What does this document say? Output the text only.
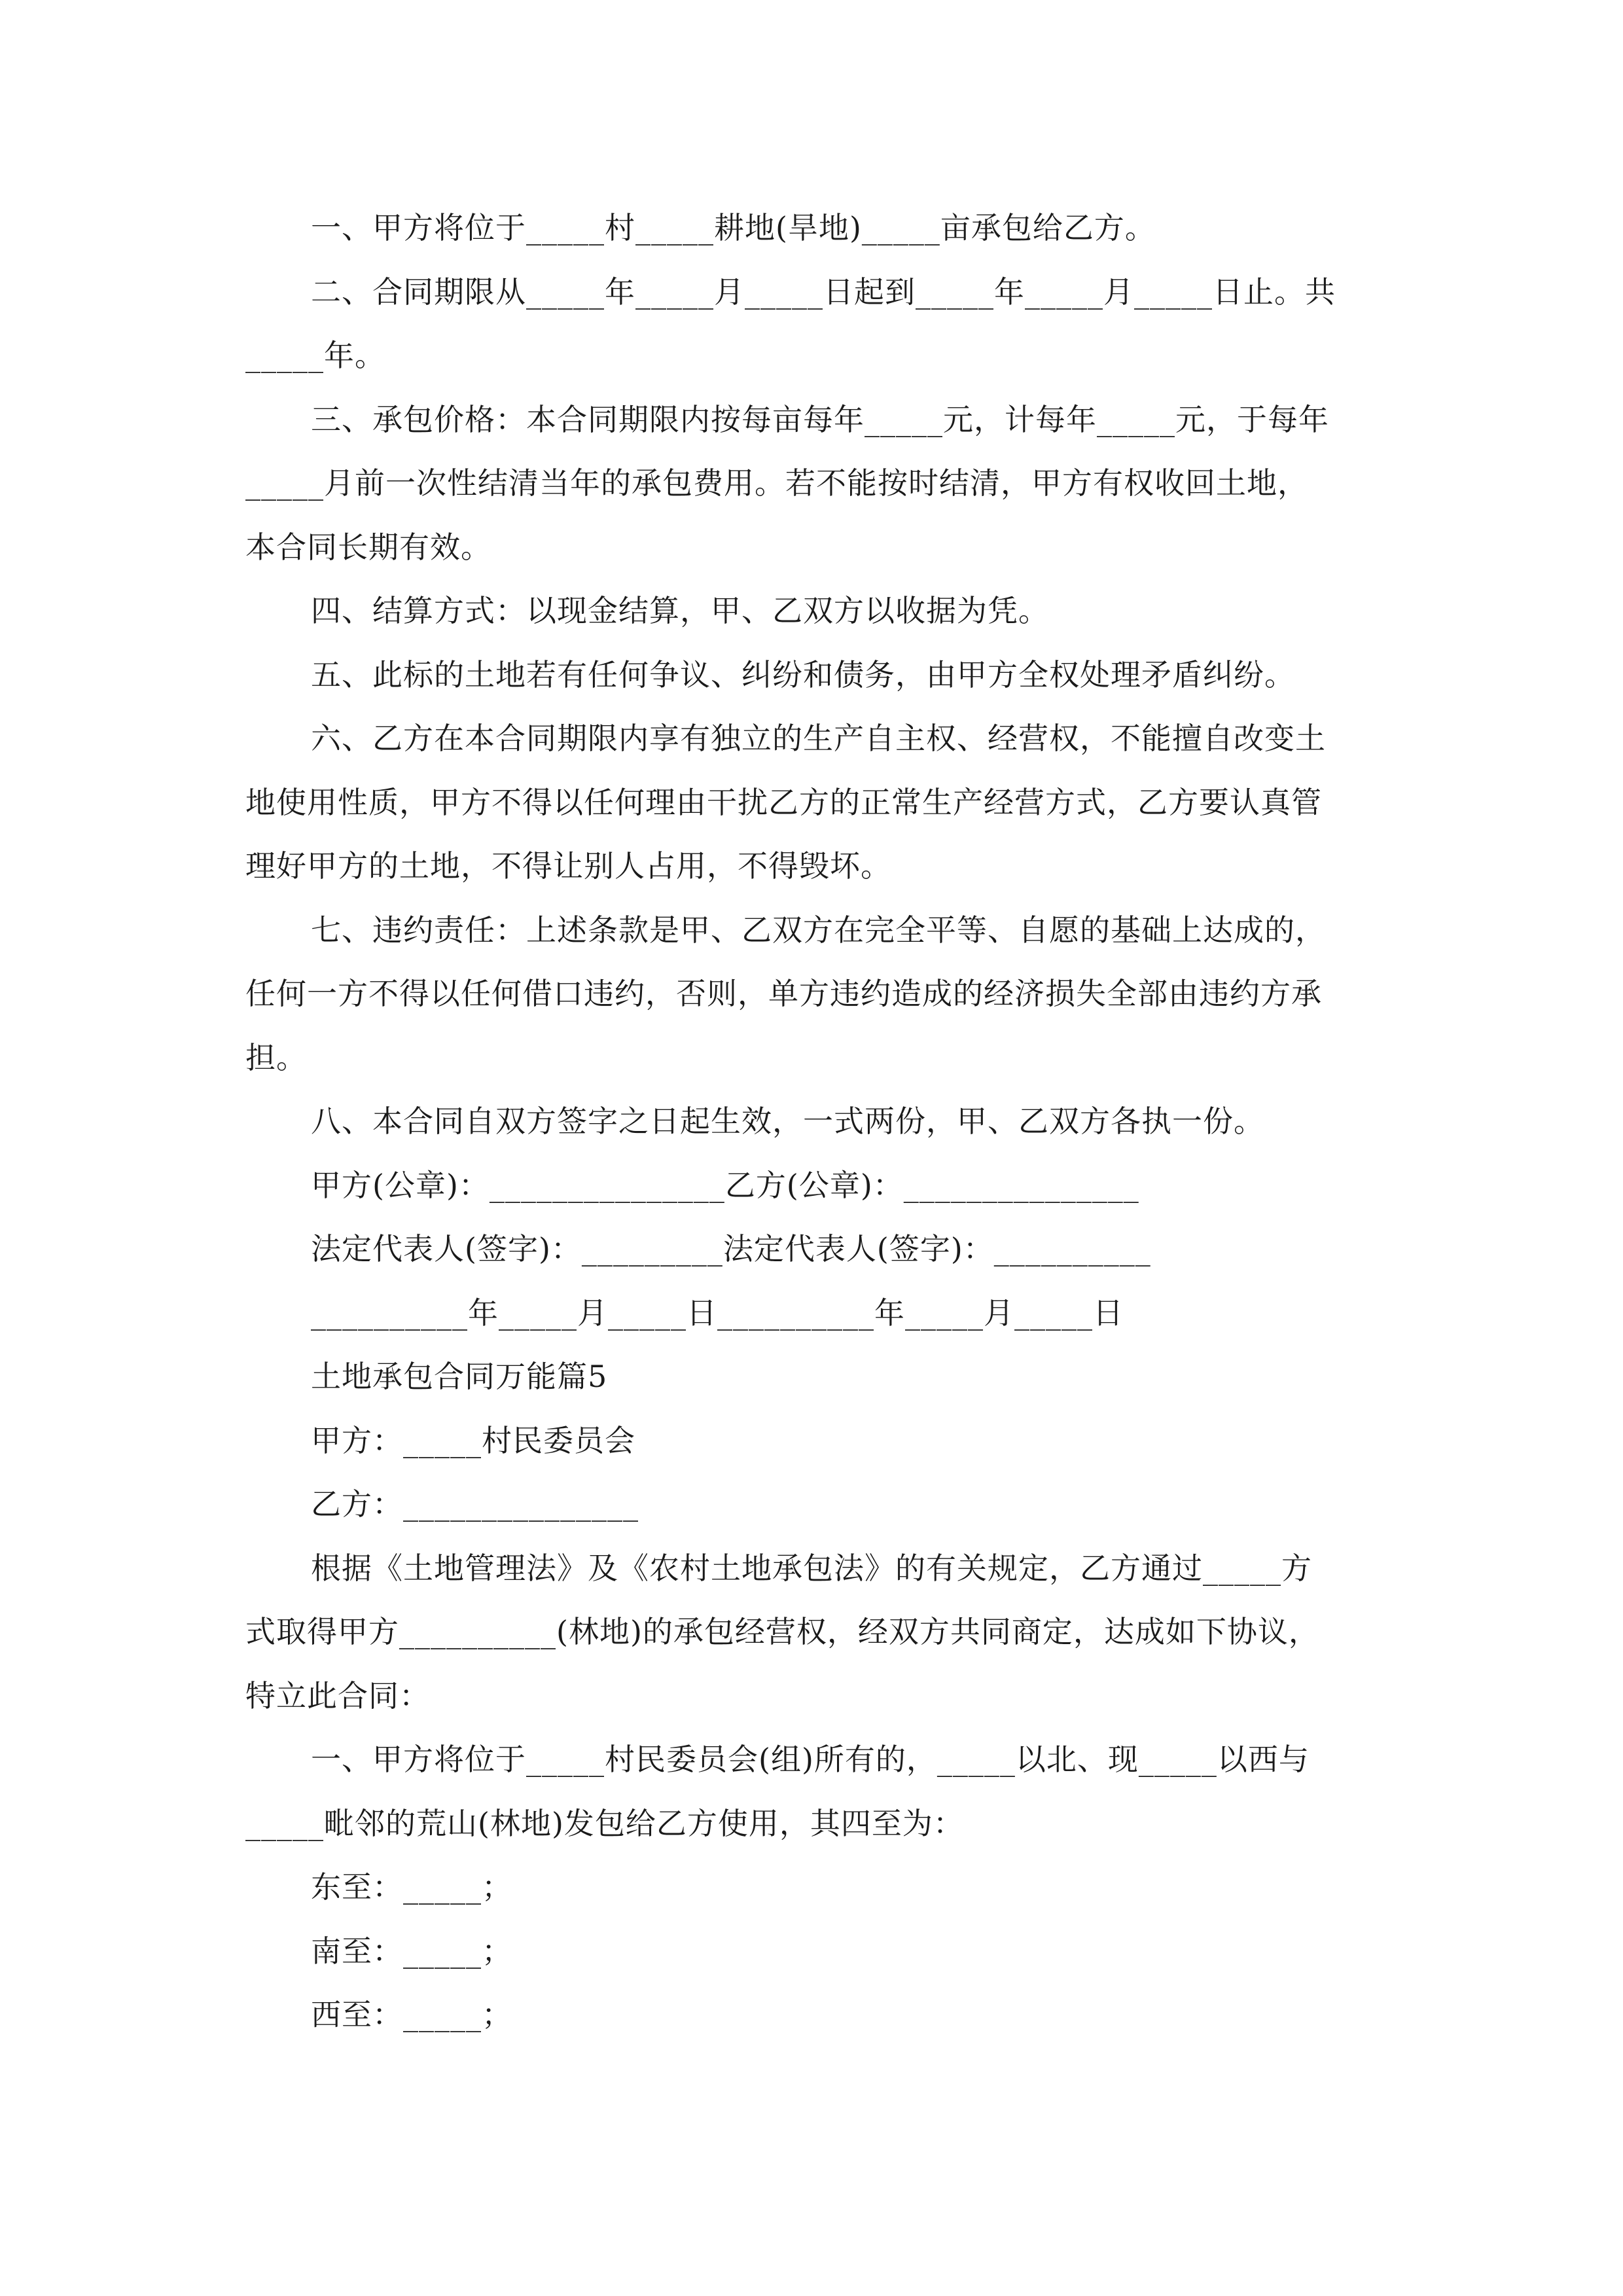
一、甲方将位于_____村_____耕地(旱地)_____亩承包给乙方。
二、合同期限从_____年_____月_____日起到_____年_____月_____日止。共
_____年。
三、承包价格：本合同期限内按每亩每年_____元，计每年_____元，于每年
_____月前一次性结清当年的承包费用。若不能按时结清，甲方有权收回土地，
本合同长期有效。
四、结算方式：以现金结算，甲、乙双方以收据为凭。
五、此标的土地若有任何争议、纠纷和债务，由甲方全权处理矛盾纠纷。
六、乙方在本合同期限内享有独立的生产自主权、经营权，不能擅自改变土
地使用性质，甲方不得以任何理由干扰乙方的正常生产经营方式，乙方要认真管
理好甲方的土地，不得让别人占用，不得毁坏。
七、违约责任：上述条款是甲、乙双方在完全平等、自愿的基础上达成的，
任何一方不得以任何借口违约，否则，单方违约造成的经济损失全部由违约方承
担。
八、本合同自双方签字之日起生效，一式两份，甲、乙双方各执一份。
甲方(公章)：_______________乙方(公章)：_______________
法定代表人(签字)：_________法定代表人(签字)：__________
__________年_____月_____日__________年_____月_____日
土地承包合同万能篇5
甲方：_____村民委员会
乙方：_______________
根据《土地管理法》及《农村土地承包法》的有关规定，乙方通过_____方
式取得甲方__________(林地)的承包经营权，经双方共同商定，达成如下协议，
特立此合同：
一、甲方将位于_____村民委员会(组)所有的，_____以北、现_____以西与
_____毗邻的荒山(林地)发包给乙方使用，其四至为：
东至：_____；
南至：_____；
西至：_____；
